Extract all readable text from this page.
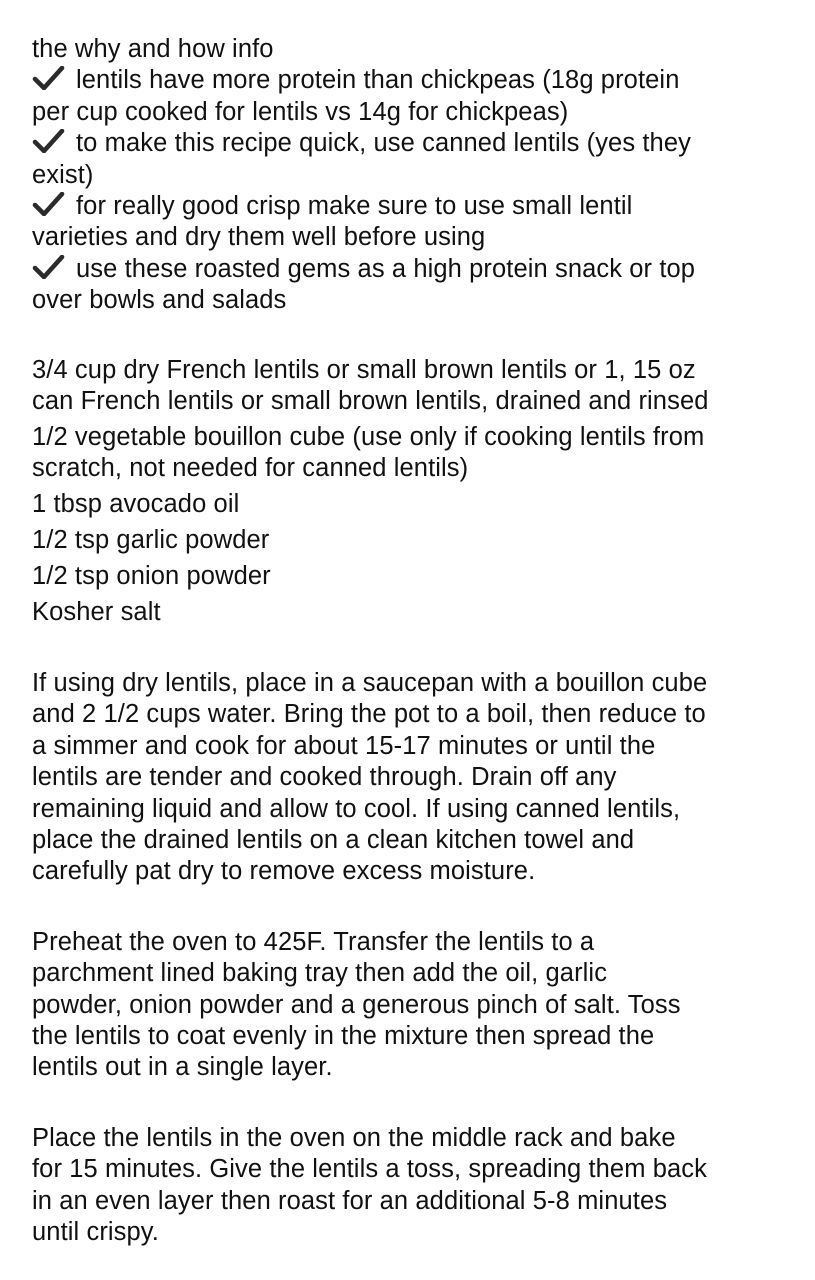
the why and how info
lentils have more protein than chickpeas (18g protein
per cup cooked for lentils vs 14g for chickpeas)
to make this recipe quick, use canned lentils (yes they
exist)
for really good crisp make sure to use small lentil
varieties and dry them well before using
use these roasted gems as a high protein snack or top
over bowls and salads
3/4 cup dry French lentils or small brown lentils or 1, 15 oz
can French lentils or small brown lentils, drained and rinsed
1/2 vegetable bouillon cube (use only if cooking lentils from
scratch, not needed for canned lentils)
1 tbsp avocado oil
1/2 tsp garlic powder
1/2 tsp onion powder
Kosher salt
If using dry lentils, place in a saucepan with a bouillon cube
and 2 1/2 cups water. Bring the pot to a boil, then reduce to
a simmer and cook for about 15-17 minutes or until the
lentils are tender and cooked through. Drain off any
remaining liquid and allow to cool. If using canned lentils,
place the drained lentils on a clean kitchen towel and
carefully pat dry to remove excess moisture.
Preheat the oven to 425F. Transfer the lentils to a
parchment lined baking tray then add the oil, garlic
powder, onion powder and a generous pinch of salt. Toss
the lentils to coat evenly in the mixture then spread the
lentils out in a single layer.
Place the lentils in the oven on the middle rack and bake
for 15 minutes. Give the lentils a toss, spreading them back
in an even layer then roast for an additional 5-8 minutes
until crispy.
